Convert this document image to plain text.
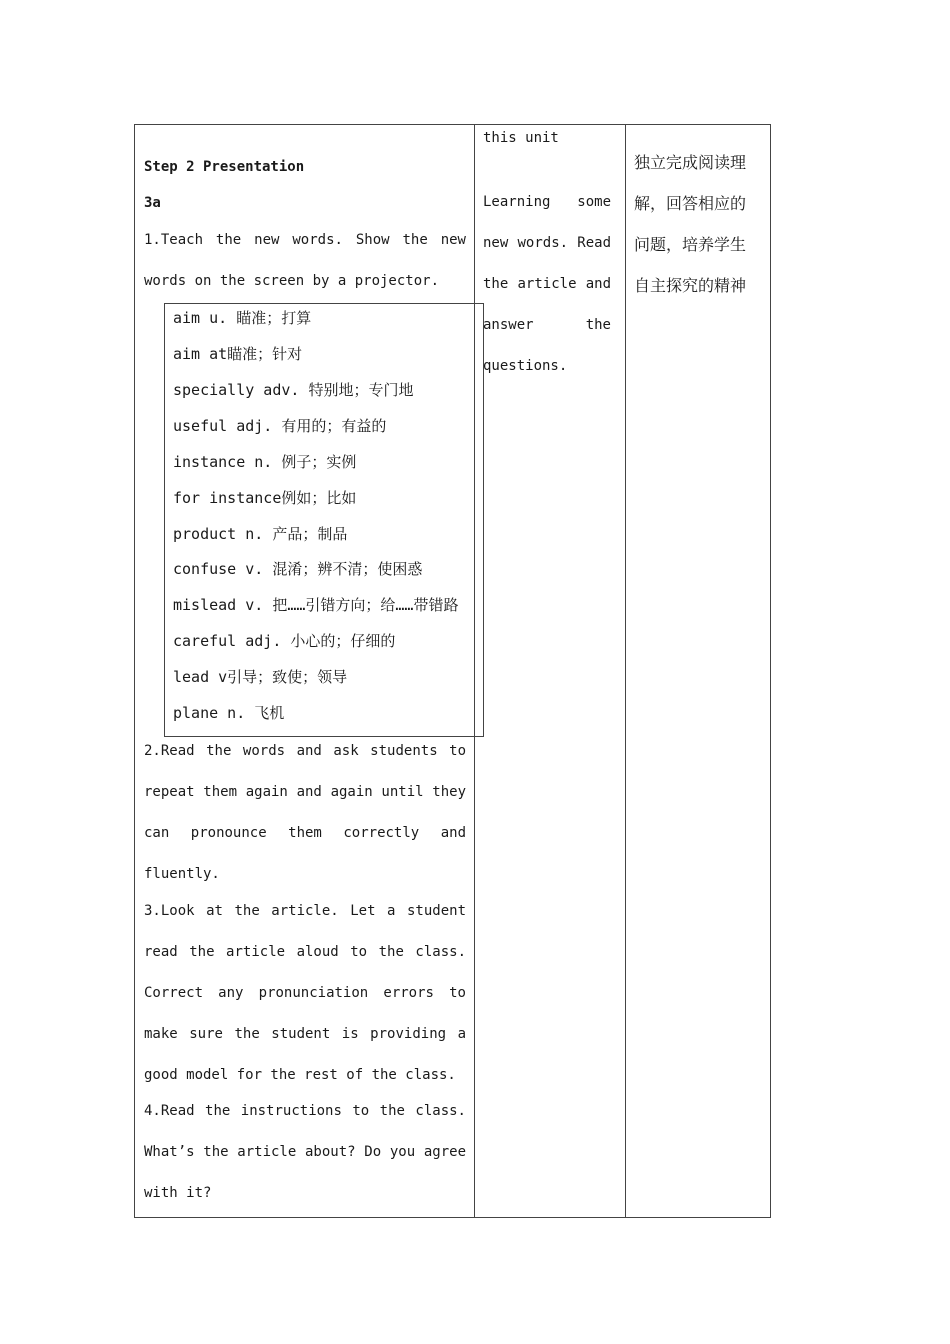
Step 2 Presentation
3a
1.Teach the new words. Show the new words on the screen by a projector.
aim u. 瞄准；打算
aim at瞄准；针对
specially adv. 特别地；专门地
useful adj. 有用的；有益的
instance n. 例子；实例
for instance例如；比如
product n. 产品；制品
confuse v. 混淆；辨不清；使困惑
mislead v. 把……引错方向；给……带错路
careful adj. 小心的；仔细的
lead v引导；致使；领导
plane n. 飞机
2.Read the words and ask students to repeat them again and again until they can pronounce them correctly and fluently.
3.Look at the article. Let a student read the article aloud to the class. Correct any pronunciation errors to make sure the student is providing a good model for the rest of the class.
4.Read the instructions to the class. What’s the article about? Do you agree with it?
this unit
Learning some new words. Read the article and answer the questions.
独立完成阅读理解，回答相应的问题，培养学生自主探究的精神
